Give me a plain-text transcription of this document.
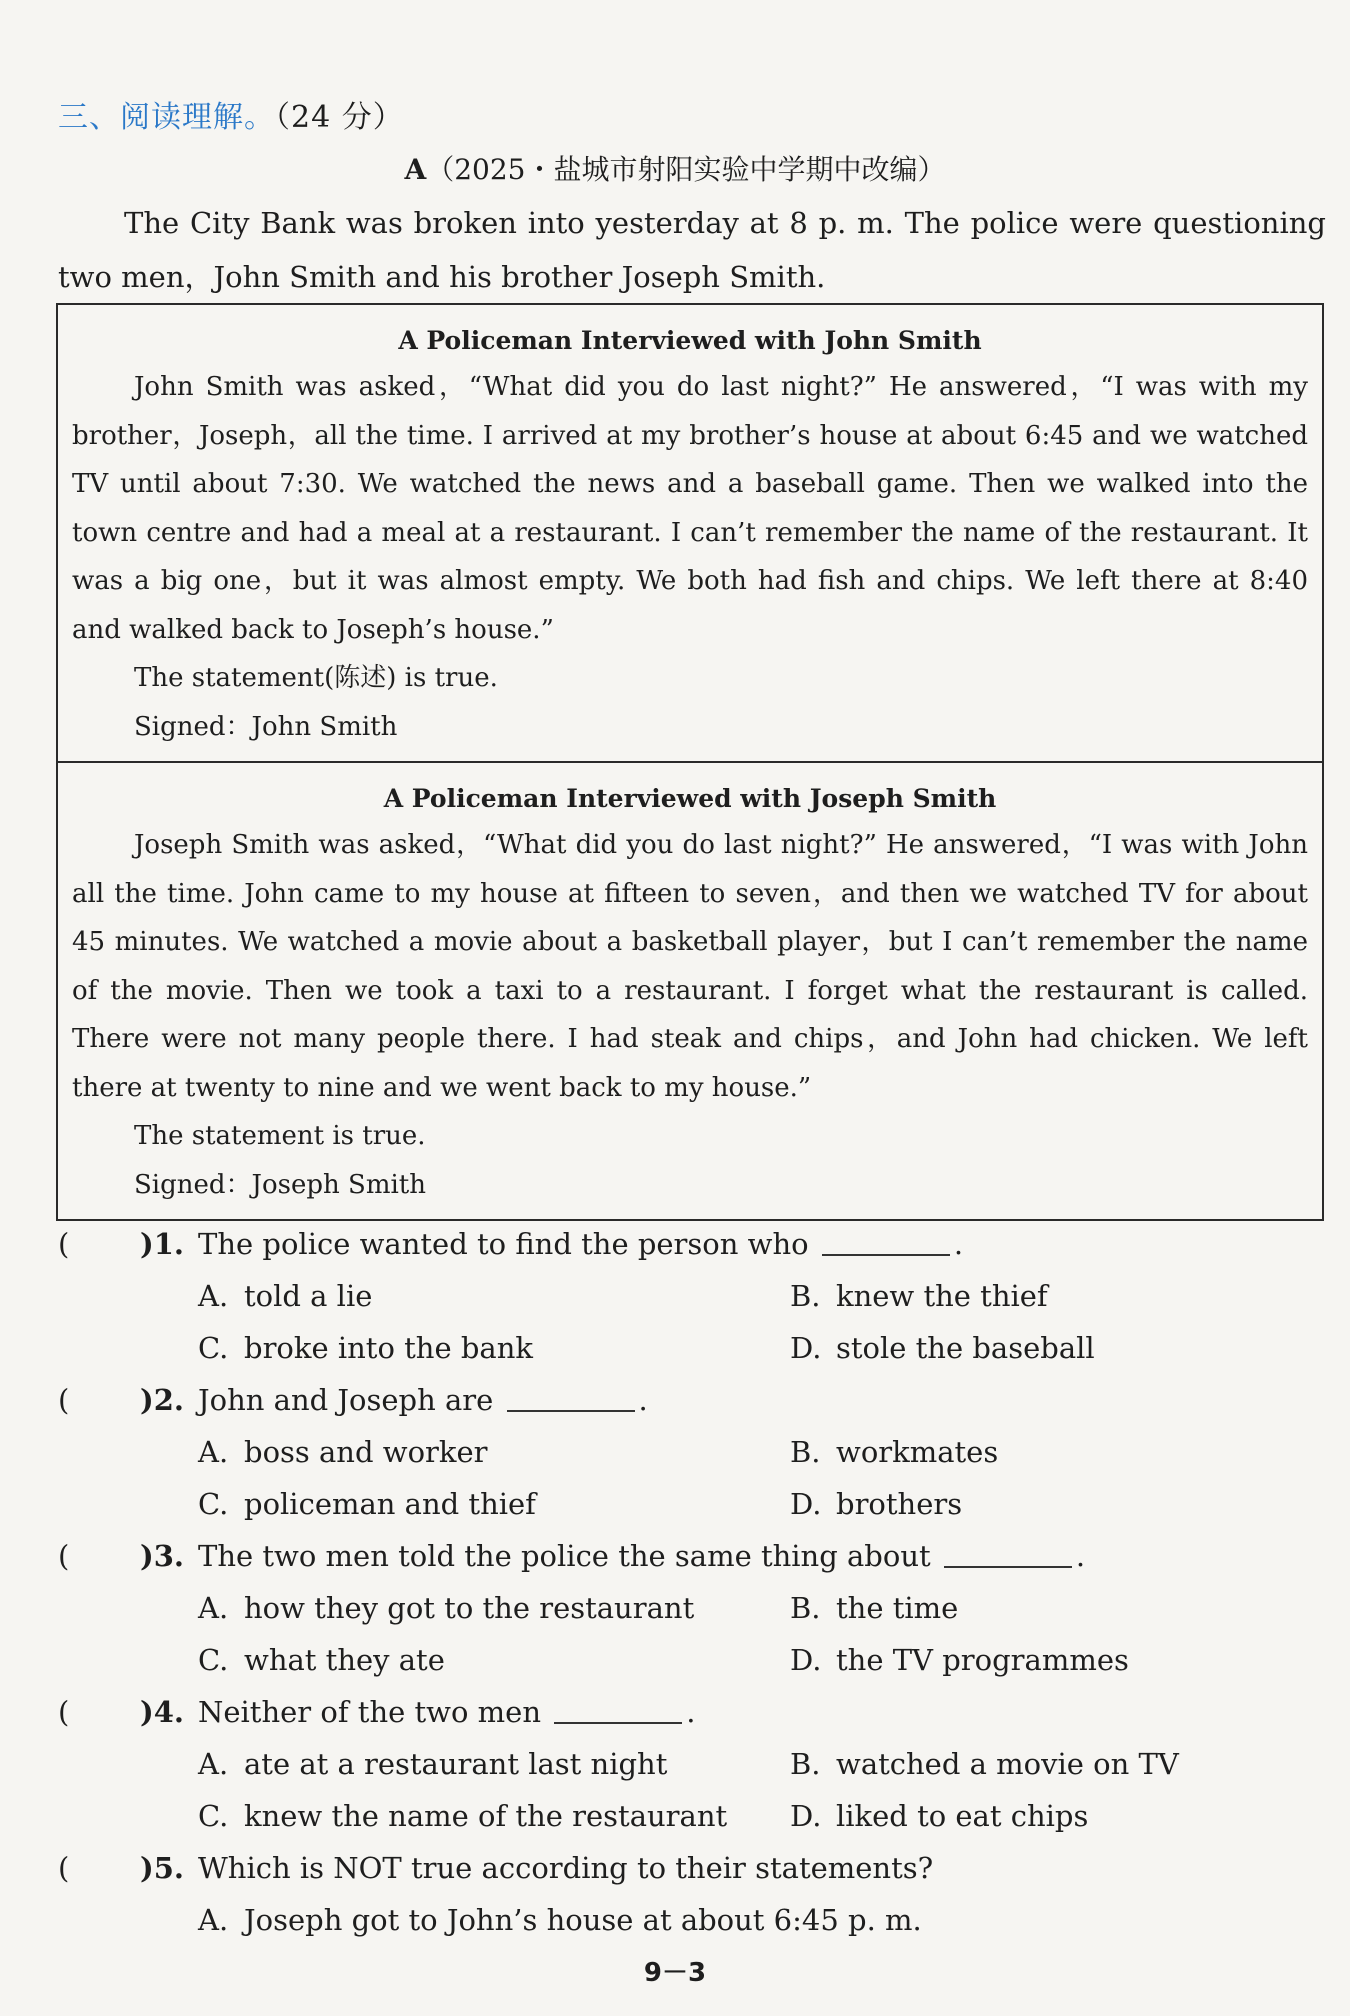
三、阅读理解。（24 分）
A（2025・盐城市射阳实验中学期中改编）

The City Bank was broken into yesterday at 8 p. m. The police were questioning two men，John Smith and his brother Joseph Smith.

A Policeman Interviewed with John Smith

John Smith was asked，“What did you do last night?” He answered，“I was with my brother，Joseph，all the time. I arrived at my brother’s house at about 6:45 and we watched TV until about 7:30. We watched the news and a baseball game. Then we walked into the town centre and had a meal at a restaurant. I can’t remember the name of the restaurant. It was a big one，but it was almost empty. We both had fish and chips. We left there at 8:40 and walked back to Joseph’s house.”

The statement(陈述) is true.

Signed：John Smith

A Policeman Interviewed with Joseph Smith

Joseph Smith was asked，“What did you do last night?” He answered，“I was with John all the time. John came to my house at fifteen to seven，and then we watched TV for about 45 minutes. We watched a movie about a basketball player，but I can’t remember the name of the movie. Then we took a taxi to a restaurant. I forget what the restaurant is called. There were not many people there. I had steak and chips，and John had chicken. We left there at twenty to nine and we went back to my house.”

The statement is true.

Signed：Joseph Smith

( )1. The police wanted to find the person who	.
A. told a lie	B. knew the thief
C. broke into the bank	D. stole the baseball
( )2. John and Joseph are	.
A. boss and worker	B. workmates
C. policeman and thief	D. brothers
( )3. The two men told the police the same thing about	.
A. how they got to the restaurant	B. the time
C. what they ate	D. the TV programmes
( )4. Neither of the two men	.
A. ate at a restaurant last night	B. watched a movie on TV
C. knew the name of the restaurant D. liked to eat chips
( )5. Which is NOT true according to their statements?
A. Joseph got to John’s house at about 6:45 p. m.
9－3
